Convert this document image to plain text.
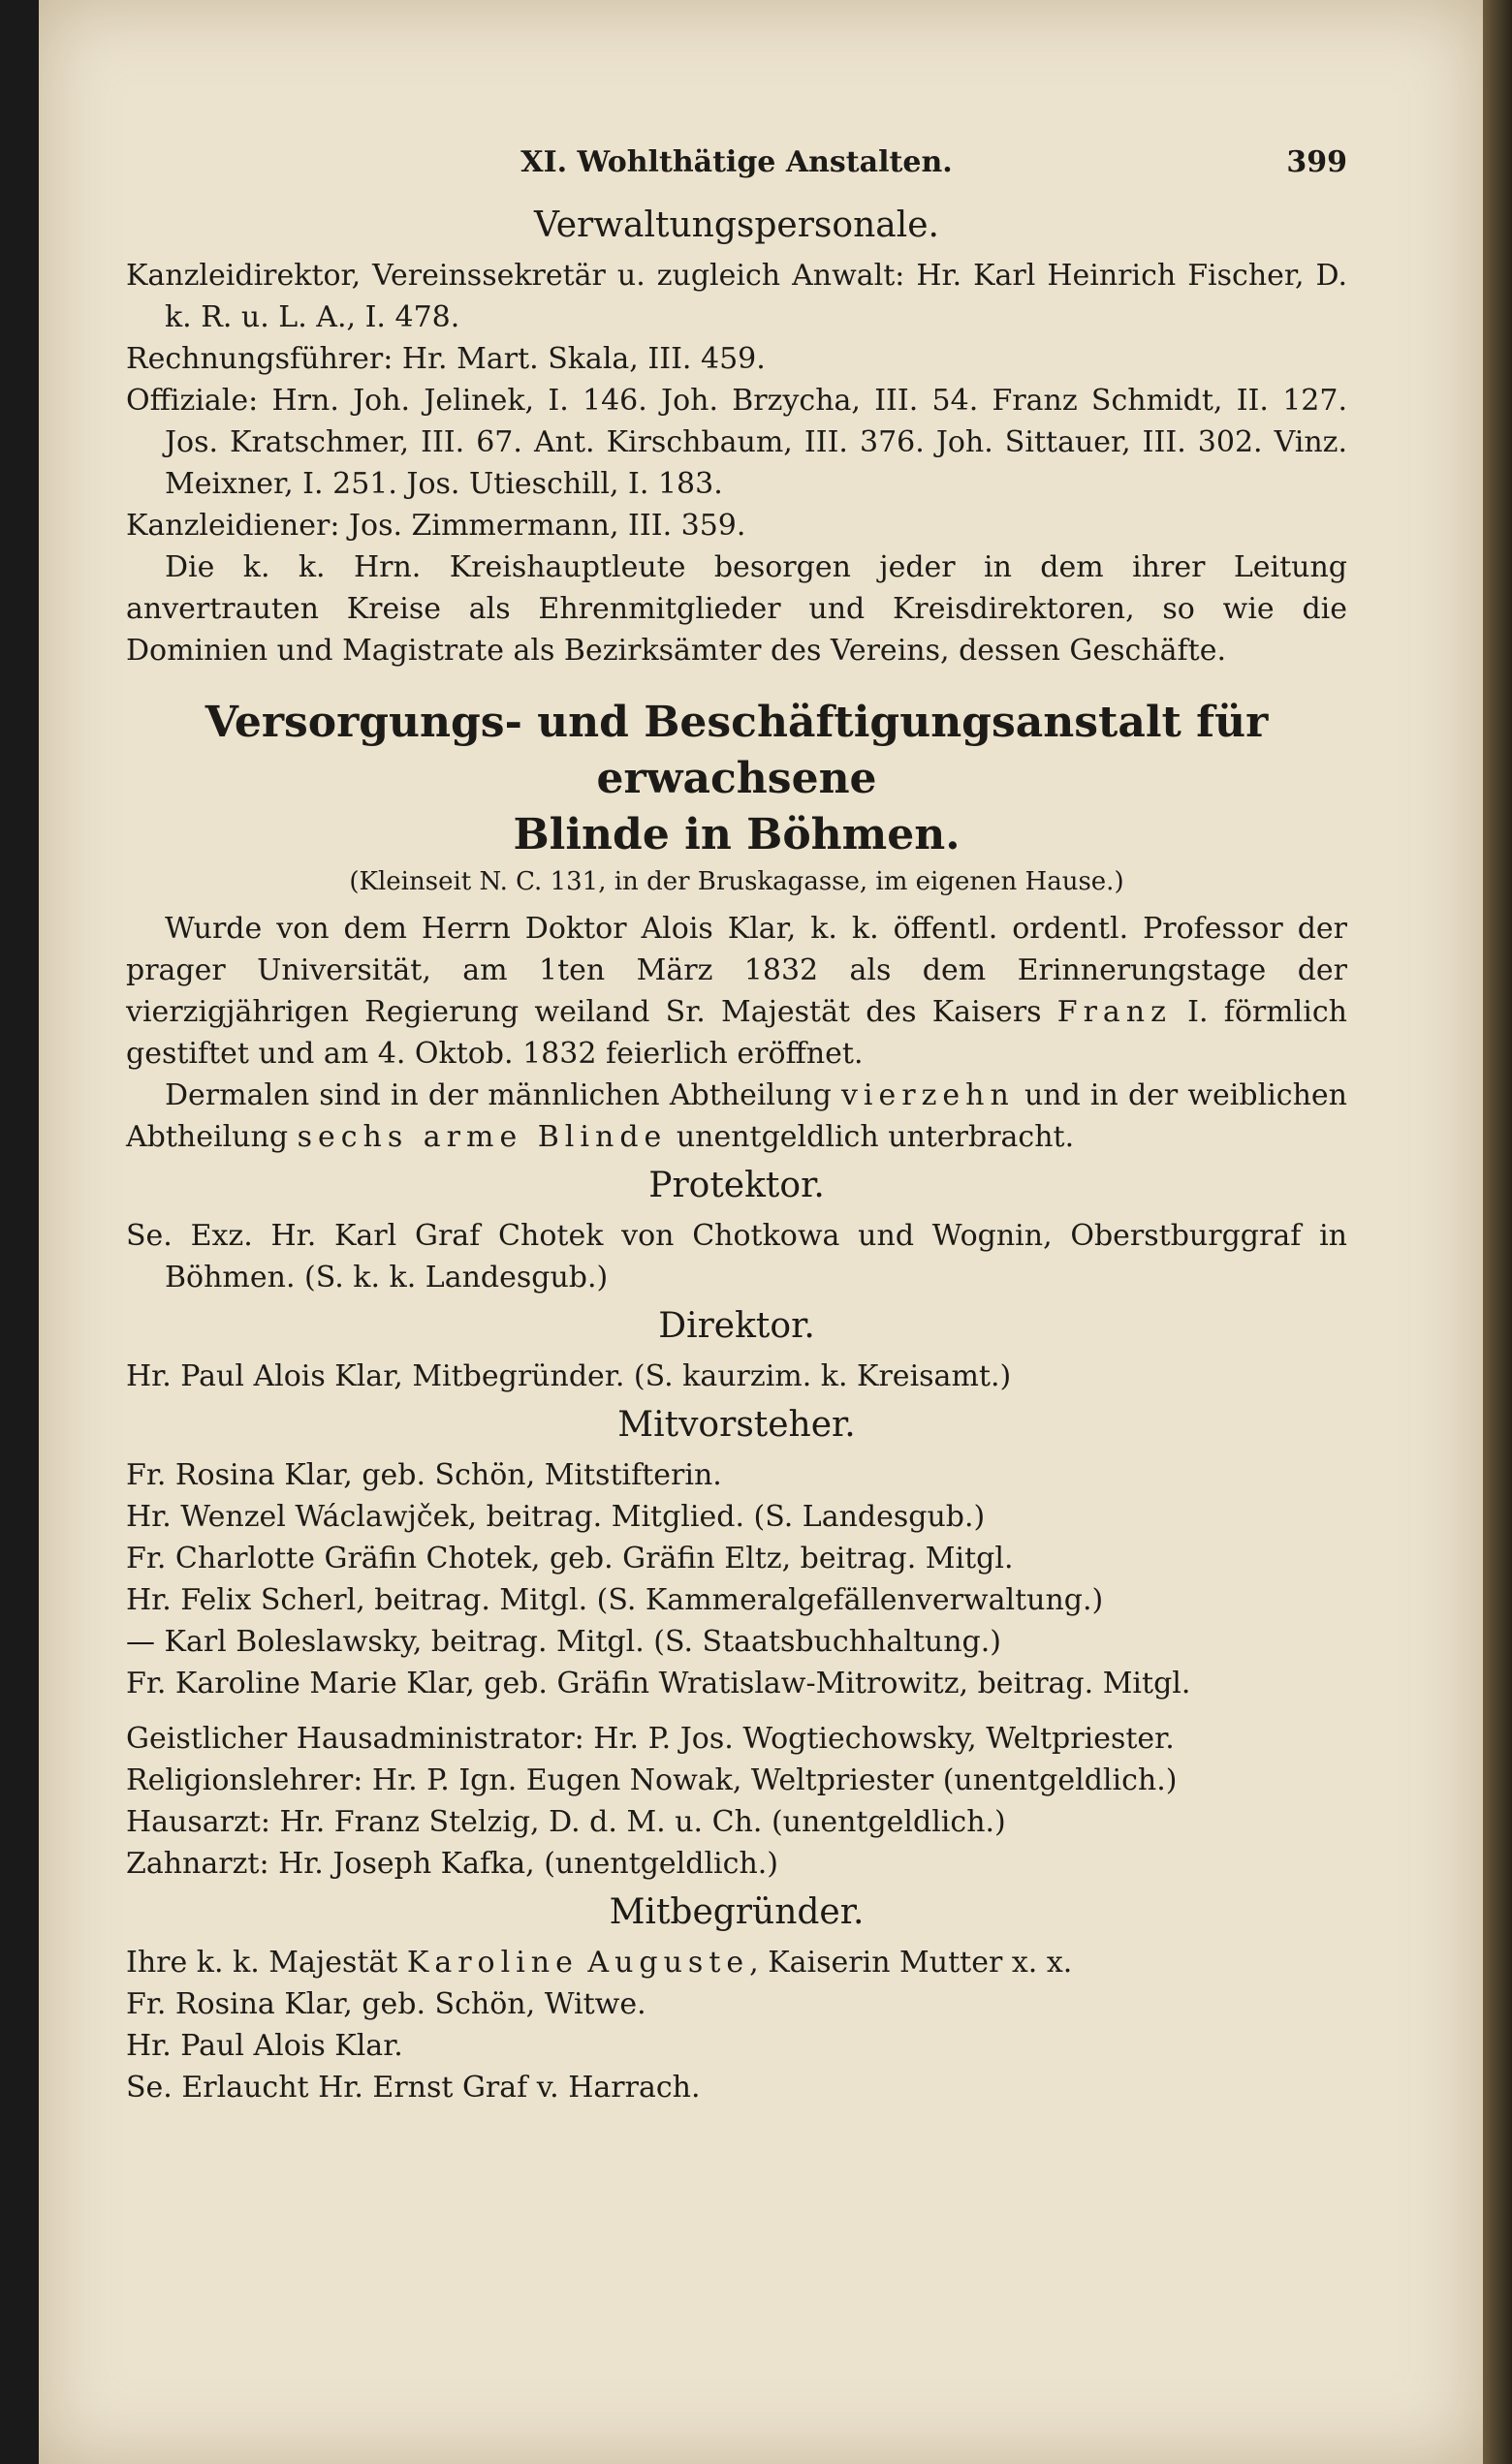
XI. Wohlthätige Anstalten.	399
Verwaltungspersonale.

Kanzleidirektor, Vereinssekretär u. zugleich Anwalt: Hr. Karl Heinrich Fischer, D. k. R. u. L. A., I. 478.

Rechnungsführer: Hr. Mart. Skala, III. 459.

Offiziale: Hrn. Joh. Jelinek, I. 146. Joh. Brzycha, III. 54. Franz Schmidt, II. 127. Jos. Kratschmer, III. 67. Ant. Kirschbaum, III. 376. Joh. Sittauer, III. 302. Vinz. Meixner, I. 251. Jos. Utieschill, I. 183.

Kanzleidiener: Jos. Zimmermann, III. 359.

Die k. k. Hrn. Kreishauptleute besorgen jeder in dem ihrer Leitung anvertrauten Kreise als Ehrenmitglieder und Kreisdirektoren, so wie die Dominien und Magistrate als Bezirksämter des Vereins, dessen Geschäfte.

Versorgungs- und Beschäftigungsanstalt für erwachsene
Blinde in Böhmen.
(Kleinseit N. C. 131, in der Bruskagasse, im eigenen Hause.)

Wurde von dem Herrn Doktor Alois Klar, k. k. öffentl. ordentl. Professor der prager Universität, am 1ten März 1832 als dem Erinnerungstage der vierzigjährigen Regierung weiland Sr. Majestät des Kaisers Franz I. förmlich gestiftet und am 4. Oktob. 1832 feierlich eröffnet.

Dermalen sind in der männlichen Abtheilung vierzehn und in der weiblichen Abtheilung sechs arme Blinde unentgeldlich unterbracht.

Protektor.

Se. Exz. Hr. Karl Graf Chotek von Chotkowa und Wognin, Oberstburggraf in Böhmen. (S. k. k. Landesgub.)

Direktor.

Hr. Paul Alois Klar, Mitbegründer. (S. kaurzim. k. Kreisamt.)

Mitvorsteher.

Fr. Rosina Klar, geb. Schön, Mitstifterin.

Hr. Wenzel Wáclawjček, beitrag. Mitglied. (S. Landesgub.)

Fr. Charlotte Gräfin Chotek, geb. Gräfin Eltz, beitrag. Mitgl.

Hr. Felix Scherl, beitrag. Mitgl. (S. Kammeralgefällenverwaltung.)

— Karl Boleslawsky, beitrag. Mitgl. (S. Staatsbuchhaltung.)

Fr. Karoline Marie Klar, geb. Gräfin Wratislaw-Mitrowitz, beitrag. Mitgl.

Geistlicher Hausadministrator: Hr. P. Jos. Wogtiechowsky, Weltpriester.

Religionslehrer: Hr. P. Ign. Eugen Nowak, Weltpriester (unentgeldlich.)

Hausarzt: Hr. Franz Stelzig, D. d. M. u. Ch. (unentgeldlich.)

Zahnarzt: Hr. Joseph Kafka, (unentgeldlich.)

Mitbegründer.

Ihre k. k. Majestät Karoline Auguste, Kaiserin Mutter x. x.

Fr. Rosina Klar, geb. Schön, Witwe.

Hr. Paul Alois Klar.

Se. Erlaucht Hr. Ernst Graf v. Harrach.
